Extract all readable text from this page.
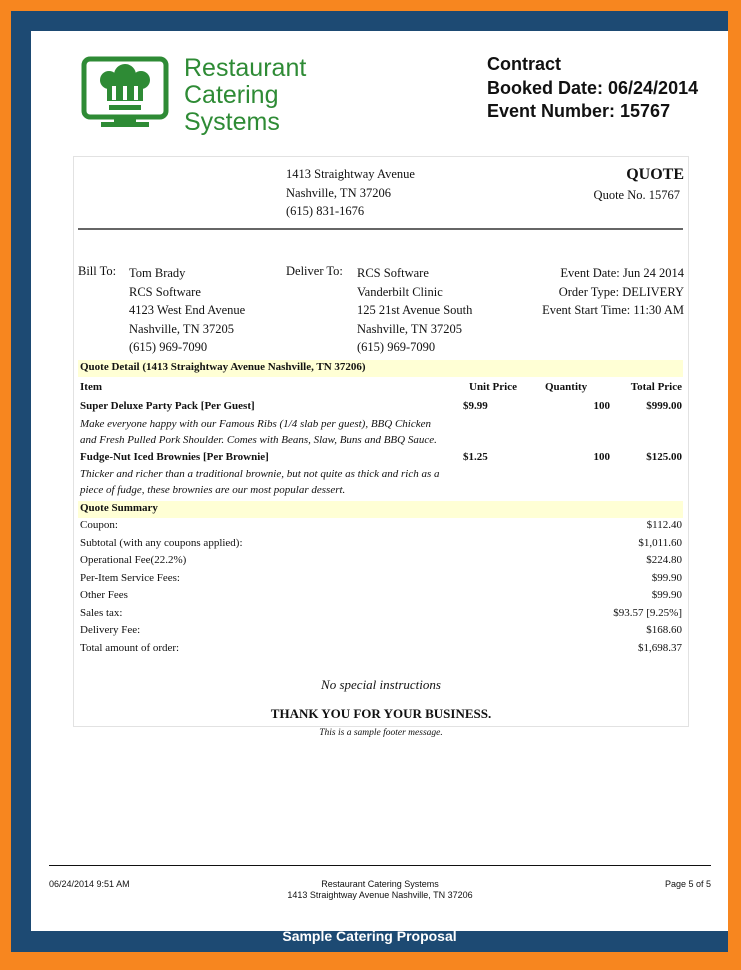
Restaurant
Catering
Systems
Contract
Booked Date: 06/24/2014
Event Number: 15767
1413 Straightway Avenue
Nashville, TN 37206
(615) 831-1676
QUOTE
Quote No. 15767
Bill To: Tom Brady
RCS Software
4123 West End Avenue
Nashville, TN 37205
(615) 969-7090
Deliver To: RCS Software
Vanderbilt Clinic
125 21st Avenue South
Nashville, TN 37205
(615) 969-7090
Event Date: Jun 24 2014
Order Type: DELIVERY
Event Start Time: 11:30 AM
Quote Detail (1413 Straightway Avenue Nashville, TN 37206)
Item	Unit Price	Quantity	Total Price
Super Deluxe Party Pack [Per Guest]	$9.99	100	$999.00
Make everyone happy with our Famous Ribs (1/4 slab per guest), BBQ Chicken
and Fresh Pulled Pork Shoulder. Comes with Beans, Slaw, Buns and BBQ Sauce.
Fudge-Nut Iced Brownies [Per Brownie]	$1.25	100	$125.00
Thicker and richer than a traditional brownie, but not quite as thick and rich as a
piece of fudge, these brownies are our most popular dessert.
Quote Summary
Coupon:	$112.40
Subtotal (with any coupons applied):	$1,011.60
Operational Fee(22.2%)	$224.80
Per-Item Service Fees:	$99.90
Other Fees	$99.90
Sales tax:	$93.57 [9.25%]
Delivery Fee:	$168.60
Total amount of order:	$1,698.37
No special instructions
THANK YOU FOR YOUR BUSINESS.
This is a sample footer message.
06/24/2014 9:51 AM	Restaurant Catering Systems
1413 Straightway Avenue Nashville, TN 37206
Page 5 of 5
Sample Catering Proposal
